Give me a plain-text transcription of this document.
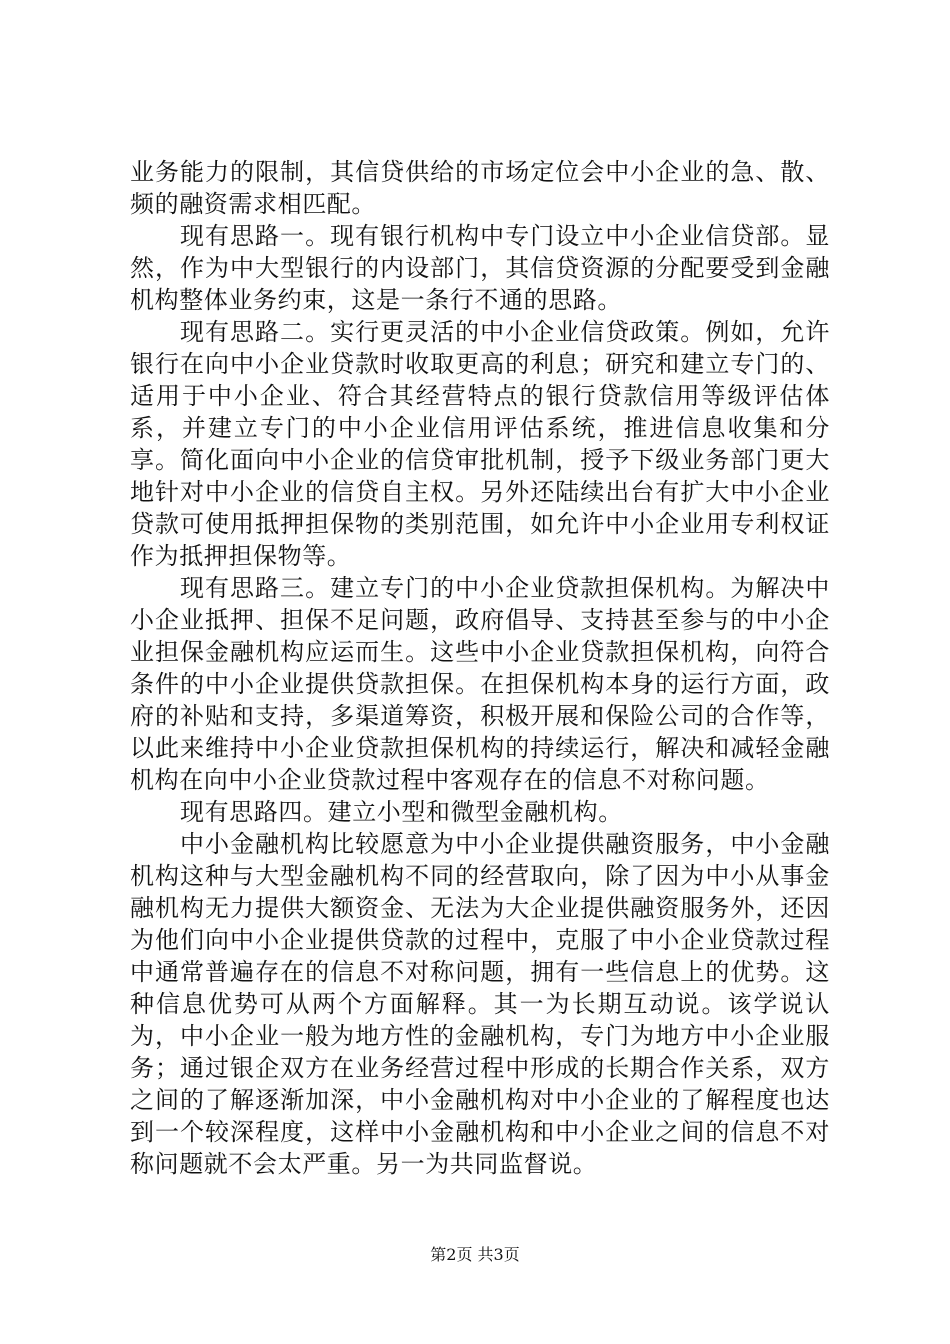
业务能力的限制，其信贷供给的市场定位会中小企业的急、散、频的融资需求相匹配。

现有思路一。现有银行机构中专门设立中小企业信贷部。显然，作为中大型银行的内设部门，其信贷资源的分配要受到金融机构整体业务约束，这是一条行不通的思路。

现有思路二。实行更灵活的中小企业信贷政策。例如，允许银行在向中小企业贷款时收取更高的利息；研究和建立专门的、适用于中小企业、符合其经营特点的银行贷款信用等级评估体系，并建立专门的中小企业信用评估系统，推进信息收集和分享。简化面向中小企业的信贷审批机制，授予下级业务部门更大地针对中小企业的信贷自主权。另外还陆续出台有扩大中小企业贷款可使用抵押担保物的类别范围，如允许中小企业用专利权证作为抵押担保物等。

现有思路三。建立专门的中小企业贷款担保机构。为解决中小企业抵押、担保不足问题，政府倡导、支持甚至参与的中小企业担保金融机构应运而生。这些中小企业贷款担保机构，向符合条件的中小企业提供贷款担保。在担保机构本身的运行方面，政府的补贴和支持，多渠道筹资，积极开展和保险公司的合作等，以此来维持中小企业贷款担保机构的持续运行，解决和减轻金融机构在向中小企业贷款过程中客观存在的信息不对称问题。

现有思路四。建立小型和微型金融机构。

中小金融机构比较愿意为中小企业提供融资服务，中小金融机构这种与大型金融机构不同的经营取向，除了因为中小从事金融机构无力提供大额资金、无法为大企业提供融资服务外，还因为他们向中小企业提供贷款的过程中，克服了中小企业贷款过程中通常普遍存在的信息不对称问题，拥有一些信息上的优势。这种信息优势可从两个方面解释。其一为长期互动说。该学说认为，中小企业一般为地方性的金融机构，专门为地方中小企业服务；通过银企双方在业务经营过程中形成的长期合作关系，双方之间的了解逐渐加深，中小金融机构对中小企业的了解程度也达到一个较深程度，这样中小金融机构和中小企业之间的信息不对称问题就不会太严重。另一为共同监督说。

第2页 共3页
